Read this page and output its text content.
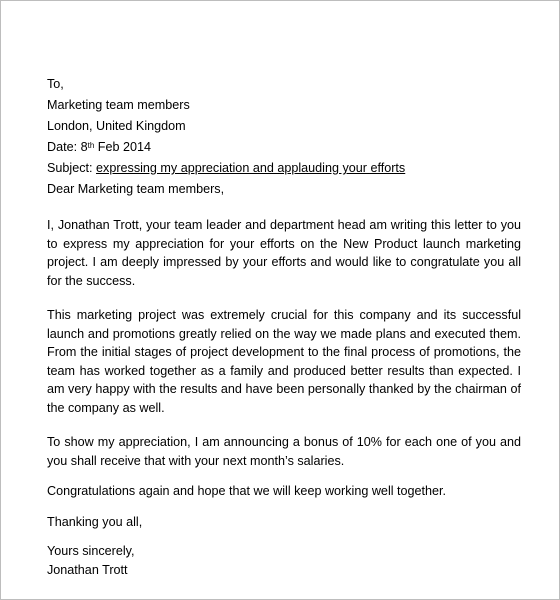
To,
Marketing team members
London, United Kingdom
Date: 8th Feb 2014
Subject: expressing my appreciation and applauding your efforts
Dear Marketing team members,

I, Jonathan Trott, your team leader and department head am writing this letter to you to express my appreciation for your efforts on the New Product launch marketing project. I am deeply impressed by your efforts and would like to congratulate you all for the success.

This marketing project was extremely crucial for this company and its successful launch and promotions greatly relied on the way we made plans and executed them. From the initial stages of project development to the final process of promotions, the team has worked together as a family and produced better results than expected. I am very happy with the results and have been personally thanked by the chairman of the company as well.

To show my appreciation, I am announcing a bonus of 10% for each one of you and you shall receive that with your next month’s salaries.

Congratulations again and hope that we will keep working well together.

Thanking you all,

Yours sincerely,
Jonathan Trott
